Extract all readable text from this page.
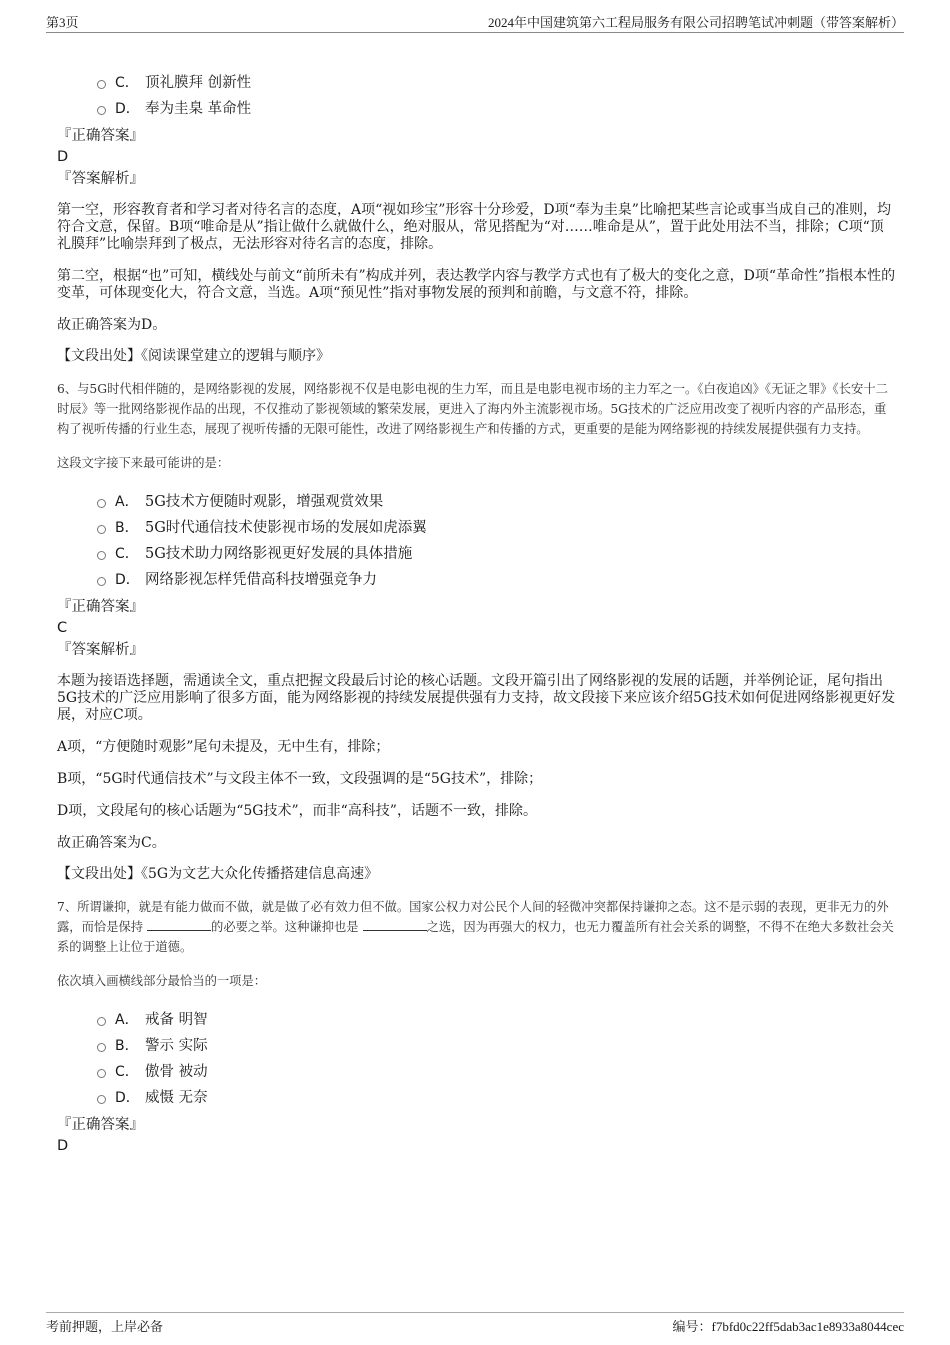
第3页	2024年中国建筑第六工程局服务有限公司招聘笔试冲刺题（带答案解析）
C． 顶礼膜拜 创新性
D． 奉为圭臬 革命性
『正确答案』
D
『答案解析』

第一空，形容教育者和学习者对待名言的态度，A项“视如珍宝”形容十分珍爱，D项“奉为圭臬”比喻把某些言论或事当成自己的准则，均符合文意，保留。B项“唯命是从”指让做什么就做什么，绝对服从，常见搭配为“对……唯命是从”，置于此处用法不当，排除；C项“顶礼膜拜”比喻崇拜到了极点，无法形容对待名言的态度，排除。

第二空，根据“也”可知，横线处与前文“前所未有”构成并列，表达教学内容与教学方式也有了极大的变化之意，D项“革命性”指根本性的变革，可体现变化大，符合文意，当选。A项“预见性”指对事物发展的预判和前瞻，与文意不符，排除。

故正确答案为D。

【文段出处】《阅读课堂建立的逻辑与顺序》

6、与5G时代相伴随的，是网络影视的发展，网络影视不仅是电影电视的生力军，而且是电影电视市场的主力军之一。《白夜追凶》《无证之罪》《长安十二时辰》等一批网络影视作品的出现，不仅推动了影视领域的繁荣发展，更进入了海内外主流影视市场。5G技术的广泛应用改变了视听内容的产品形态，重构了视听传播的行业生态，展现了视听传播的无限可能性，改进了网络影视生产和传播的方式，更重要的是能为网络影视的持续发展提供强有力支持。

这段文字接下来最可能讲的是：

A． 5G技术方便随时观影，增强观赏效果
B． 5G时代通信技术使影视市场的发展如虎添翼
C． 5G技术助力网络影视更好发展的具体措施
D． 网络影视怎样凭借高科技增强竞争力
『正确答案』
C
『答案解析』

本题为接语选择题，需通读全文，重点把握文段最后讨论的核心话题。文段开篇引出了网络影视的发展的话题，并举例论证，尾句指出5G技术的广泛应用影响了很多方面，能为网络影视的持续发展提供强有力支持，故文段接下来应该介绍5G技术如何促进网络影视更好发展，对应C项。

A项，“方便随时观影”尾句未提及，无中生有，排除；

B项，“5G时代通信技术”与文段主体不一致，文段强调的是“5G技术”，排除；

D项，文段尾句的核心话题为“5G技术”，而非“高科技”，话题不一致，排除。

故正确答案为C。

【文段出处】《5G为文艺大众化传播搭建信息高速》

7、所谓谦抑，就是有能力做而不做，就是做了必有效力但不做。国家公权力对公民个人间的轻微冲突都保持谦抑之态。这不是示弱的表现，更非无力的外露，而恰是保持	的必要之举。这种谦抑也是	之选，因为再强大的权力，也无力覆盖所有社会关系的调整，不得不在绝大多数社会关系的调整上让位于道德。

依次填入画横线部分最恰当的一项是：

A． 戒备 明智
B． 警示 实际
C． 傲骨 被动
D． 威慑 无奈
『正确答案』
D
考前押题，上岸必备	编号：f7bfd0c22ff5dab3ac1e8933a8044cec
